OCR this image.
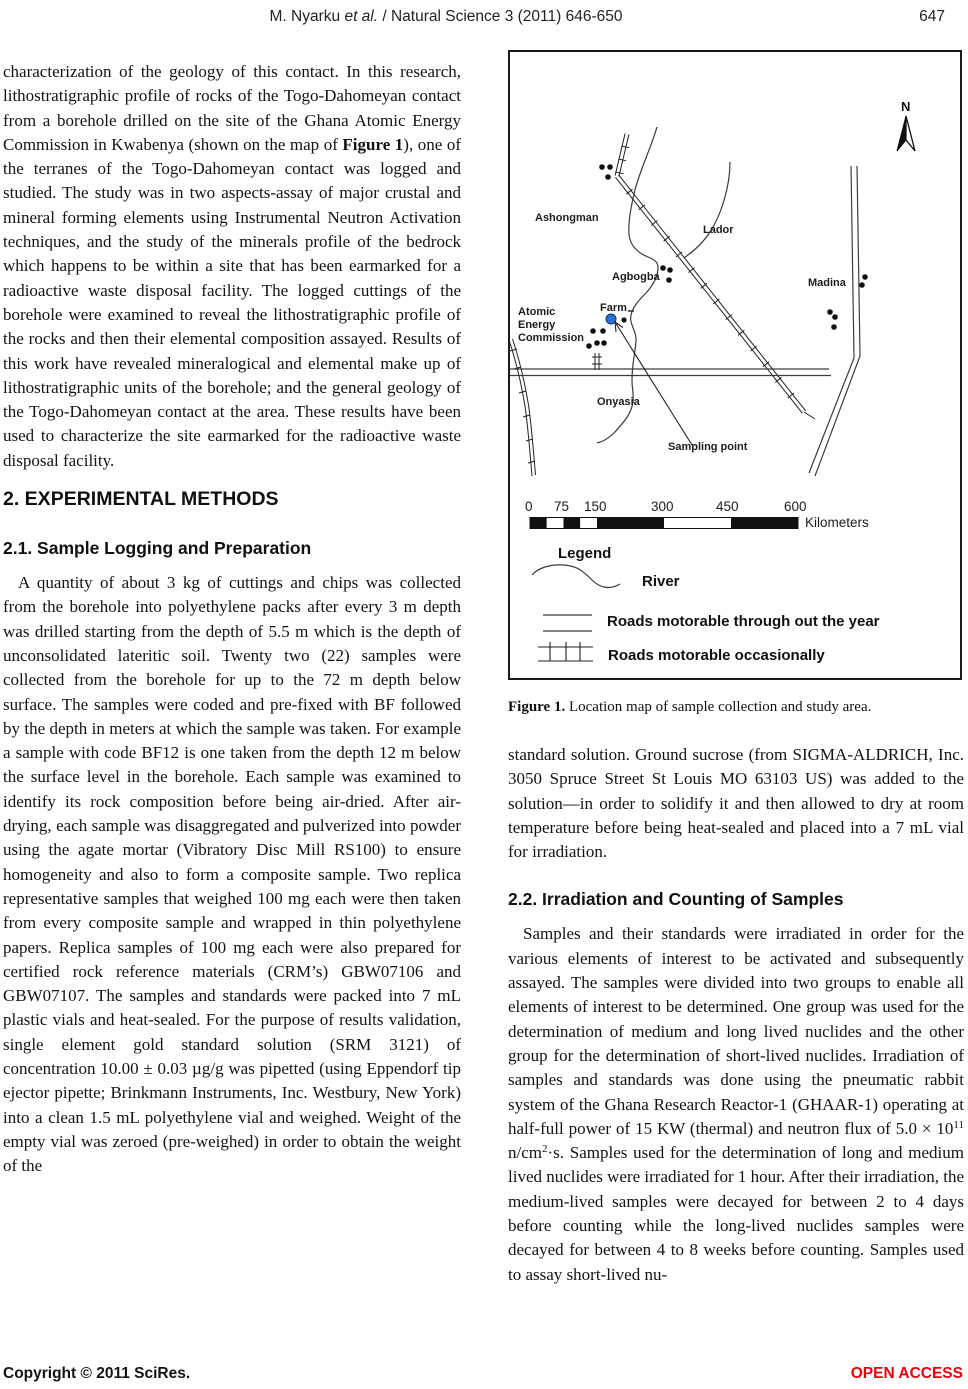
M. Nyarku et al. / Natural Science 3 (2011) 646-650	647

characterization of the geology of this contact. In this research, lithostratigraphic profile of rocks of the Togo-Dahomeyan contact from a borehole drilled on the site of the Ghana Atomic Energy Commission in Kwabenya (shown on the map of Figure 1), one of the terranes of the Togo-Dahomeyan contact was logged and studied. The study was in two aspects-assay of major crustal and mineral forming elements using Instrumental Neutron Activation techniques, and the study of the minerals profile of the bedrock which happens to be within a site that has been earmarked for a radioactive waste disposal facility. The logged cuttings of the borehole were examined to reveal the lithostratigraphic profile of the rocks and then their elemental composition assayed. Results of this work have revealed mineralogical and elemental make up of lithostratigraphic units of the borehole; and the general geology of the Togo-Dahomeyan contact at the area. These results have been used to characterize the site earmarked for the radioactive waste disposal facility.

2. EXPERIMENTAL METHODS
2.1. Sample Logging and Preparation

A quantity of about 3 kg of cuttings and chips was collected from the borehole into polyethylene packs after every 3 m depth was drilled starting from the depth of 5.5 m which is the depth of unconsolidated lateritic soil. Twenty two (22) samples were collected from the borehole for up to the 72 m depth below surface. The samples were coded and pre-fixed with BF followed by the depth in meters at which the sample was taken. For example a sample with code BF12 is one taken from the depth 12 m below the surface level in the borehole. Each sample was examined to identify its rock composition before being air-dried. After air-drying, each sample was disaggregated and pulverized into powder using the agate mortar (Vibratory Disc Mill RS100) to ensure homogeneity and also to form a composite sample. Two replica representative samples that weighed 100 mg each were then taken from every composite sample and wrapped in thin polyethylene papers. Replica samples of 100 mg each were also prepared for certified rock reference materials (CRM’s) GBW07106 and GBW07107. The samples and standards were packed into 7 mL plastic vials and heat-sealed. For the purpose of results validation, single element gold standard solution (SRM 3121) of concentration 10.00 ± 0.03 µg/g was pipetted (using Eppendorf tip ejector pipette; Brinkmann Instruments, Inc. Westbury, New York) into a clean 1.5 mL polyethylene vial and weighed. Weight of the empty vial was zeroed (pre-weighed) in order to obtain the weight of the

N
Ashongman
Lador
Agbogba	Madina
Atomic
Energy
Commission
Farm
Onyasia
Sampling point
0 75 150	300	450	600
Kilometers
Legend
River
Roads motorable through out the year
Roads motorable occasionally

Figure 1. Location map of sample collection and study area.

standard solution. Ground sucrose (from SIGMA-ALDRICH, Inc. 3050 Spruce Street St Louis MO 63103 US) was added to the solution—in order to solidify it and then allowed to dry at room temperature before being heat-sealed and placed into a 7 mL vial for irradiation.

2.2. Irradiation and Counting of Samples

Samples and their standards were irradiated in order for the various elements of interest to be activated and subsequently assayed. The samples were divided into two groups to enable all elements of interest to be determined. One group was used for the determination of medium and long lived nuclides and the other group for the determination of short-lived nuclides. Irradiation of samples and standards was done using the pneumatic rabbit system of the Ghana Research Reactor-1 (GHAAR-1) operating at half-full power of 15 KW (thermal) and neutron flux of $5.0 \times 10^{11}$ $n/cm^2\cdot s$. Samples used for the determination of long and medium lived nuclides were irradiated for 1 hour. After their irradiation, the medium-lived samples were decayed for between 2 to 4 days before counting while the long-lived nuclides samples were decayed for between 4 to 8 weeks before counting. Samples used to assay short-lived nu-

Copyright © 2011 SciRes.	OPEN ACCESS
